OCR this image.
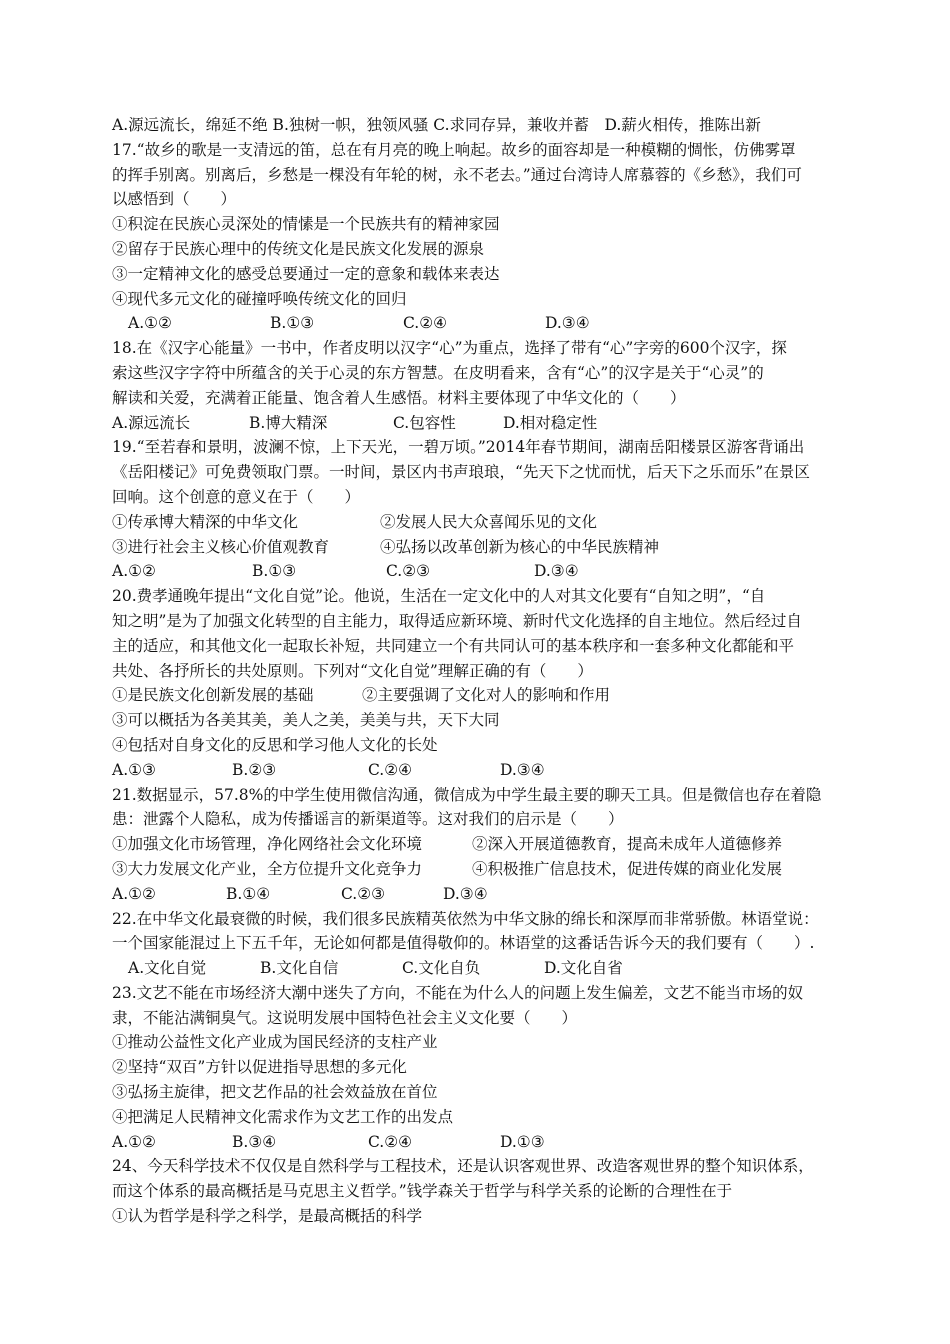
A.源远流长，绵延不绝 B.独树一帜，独领风骚 C.求同存异，兼收并蓄　D.薪火相传，推陈出新
17.“故乡的歌是一支清远的笛，总在有月亮的晚上响起。故乡的面容却是一种模糊的惆怅，仿佛雾罩
的挥手别离。别离后，乡愁是一棵没有年轮的树，永不老去。”通过台湾诗人席慕蓉的《乡愁》，我们可
以感悟到（　　）
①积淀在民族心灵深处的情愫是一个民族共有的精神家园
②留存于民族心理中的传统文化是民族文化发展的源泉
③一定精神文化的感受总要通过一定的意象和载体来表达
④现代多元文化的碰撞呼唤传统文化的回归
A.①②	B.①③	C.②④	D.③④
18.在《汉字心能量》一书中，作者皮明以汉字“心”为重点，选择了带有“心”字旁的600个汉字，探
索这些汉字字符中所蕴含的关于心灵的东方智慧。在皮明看来，含有“心”的汉字是关于“心灵”的
解读和关爱，充满着正能量、饱含着人生感悟。材料主要体现了中华文化的（　　）
A.源远流长	B.博大精深	C.包容性	D.相对稳定性
19.“至若春和景明，波澜不惊，上下天光，一碧万顷。”2014年春节期间，湖南岳阳楼景区游客背诵出
《岳阳楼记》可免费领取门票。一时间，景区内书声琅琅，“先天下之忧而忧，后天下之乐而乐”在景区
回响。这个创意的意义在于（　　）
①传承博大精深的中华文化	②发展人民大众喜闻乐见的文化
③进行社会主义核心价值观教育	④弘扬以改革创新为核心的中华民族精神
A.①②	B.①③	C.②③	D.③④
20.费孝通晚年提出“文化自觉”论。他说，生活在一定文化中的人对其文化要有“自知之明”，“自
知之明”是为了加强文化转型的自主能力，取得适应新环境、新时代文化选择的自主地位。然后经过自
主的适应，和其他文化一起取长补短，共同建立一个有共同认可的基本秩序和一套多种文化都能和平
共处、各抒所长的共处原则。下列对“文化自觉”理解正确的有（　　）
①是民族文化创新发展的基础	②主要强调了文化对人的影响和作用
③可以概括为各美其美，美人之美，美美与共，天下大同
④包括对自身文化的反思和学习他人文化的长处
A.①③	B.②③	C.②④	D.③④
21.数据显示，57.8%的中学生使用微信沟通，微信成为中学生最主要的聊天工具。但是微信也存在着隐
患：泄露个人隐私，成为传播谣言的新渠道等。这对我们的启示是（　　）
①加强文化市场管理，净化网络社会文化环境	②深入开展道德教育，提高未成年人道德修养
③大力发展文化产业，全方位提升文化竞争力	④积极推广信息技术，促进传媒的商业化发展
A.①②	B.①④	C.②③	D.③④
22.在中华文化最衰微的时候，我们很多民族精英依然为中华文脉的绵长和深厚而非常骄傲。林语堂说：
一个国家能混过上下五千年，无论如何都是值得敬仰的。林语堂的这番话告诉今天的我们要有（　　）.
A.文化自觉	B.文化自信	C.文化自负	D.文化自省
23.文艺不能在市场经济大潮中迷失了方向，不能在为什么人的问题上发生偏差，文艺不能当市场的奴
隶，不能沾满铜臭气。这说明发展中国特色社会主义文化要（　　）
①推动公益性文化产业成为国民经济的支柱产业
②坚持“双百”方针以促进指导思想的多元化
③弘扬主旋律，把文艺作品的社会效益放在首位
④把满足人民精神文化需求作为文艺工作的出发点
A.①②	B.③④	C.②④	D.①③
24、今天科学技术不仅仅是自然科学与工程技术，还是认识客观世界、改造客观世界的整个知识体系，
而这个体系的最高概括是马克思主义哲学。”钱学森关于哲学与科学关系的论断的合理性在于
①认为哲学是科学之科学，是最高概括的科学
